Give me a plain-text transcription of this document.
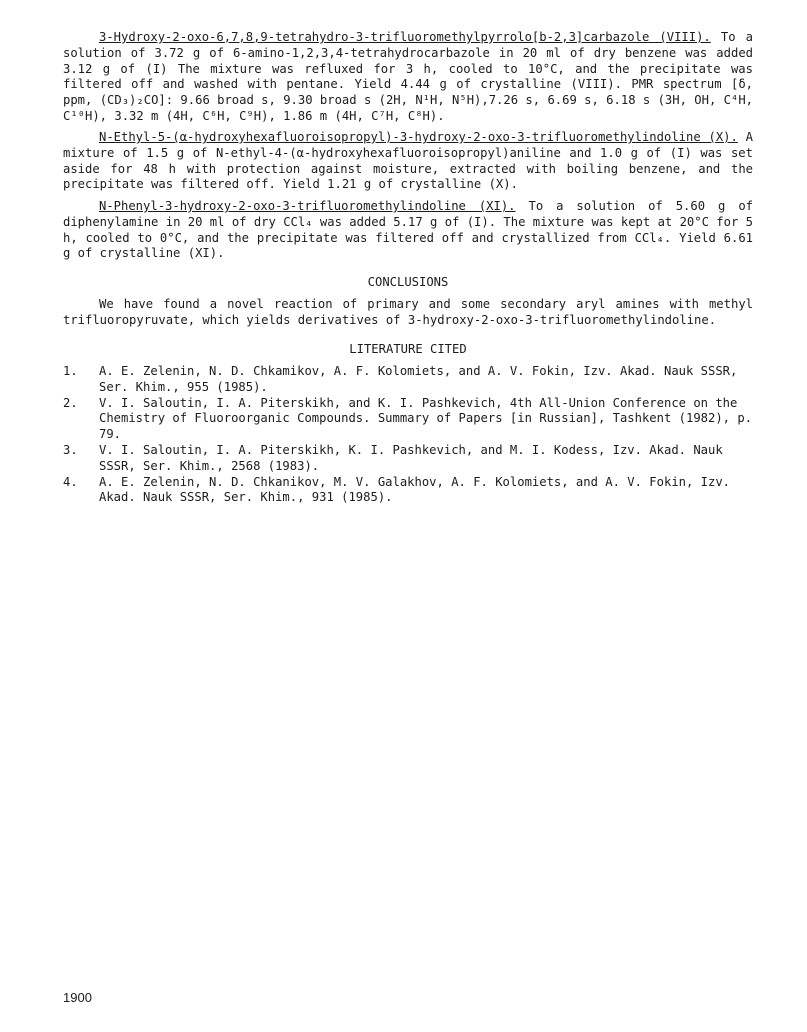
3-Hydroxy-2-oxo-6,7,8,9-tetrahydro-3-trifluoromethylpyrrolo[b-2,3]carbazole (VIII). To a solution of 3.72 g of 6-amino-1,2,3,4-tetrahydrocarbazole in 20 ml of dry benzene was added 3.12 g of (I) The mixture was refluxed for 3 h, cooled to 10°C, and the precipitate was filtered off and washed with pentane. Yield 4.44 g of crystalline (VIII). PMR spectrum [δ, ppm, (CD₃)₂CO]: 9.66 broad s, 9.30 broad s (2H, N¹H, N⁵H),7.26 s, 6.69 s, 6.18 s (3H, OH, C⁴H, C¹⁰H), 3.32 m (4H, C⁶H, C⁹H), 1.86 m (4H, C⁷H, C⁸H).

N-Ethyl-5-(α-hydroxyhexafluoroisopropyl)-3-hydroxy-2-oxo-3-trifluoromethylindoline (X). A mixture of 1.5 g of N-ethyl-4-(α-hydroxyhexafluoroisopropyl)aniline and 1.0 g of (I) was set aside for 48 h with protection against moisture, extracted with boiling benzene, and the precipitate was filtered off. Yield 1.21 g of crystalline (X).

N-Phenyl-3-hydroxy-2-oxo-3-trifluoromethylindoline (XI). To a solution of 5.60 g of diphenylamine in 20 ml of dry CCl₄ was added 5.17 g of (I). The mixture was kept at 20°C for 5 h, cooled to 0°C, and the precipitate was filtered off and crystallized from CCl₄. Yield 6.61 g of crystalline (XI).

CONCLUSIONS

We have found a novel reaction of primary and some secondary aryl amines with methyl trifluoropyruvate, which yields derivatives of 3-hydroxy-2-oxo-3-trifluoromethylindoline.

LITERATURE CITED

1. A. E. Zelenin, N. D. Chkamikov, A. F. Kolomiets, and A. V. Fokin, Izv. Akad. Nauk SSSR, Ser. Khim., 955 (1985).
2. V. I. Saloutin, I. A. Piterskikh, and K. I. Pashkevich, 4th All-Union Conference on the Chemistry of Fluoroorganic Compounds. Summary of Papers [in Russian], Tashkent (1982), p. 79.
3. V. I. Saloutin, I. A. Piterskikh, K. I. Pashkevich, and M. I. Kodess, Izv. Akad. Nauk SSSR, Ser. Khim., 2568 (1983).
4. A. E. Zelenin, N. D. Chkanikov, M. V. Galakhov, A. F. Kolomiets, and A. V. Fokin, Izv. Akad. Nauk SSSR, Ser. Khim., 931 (1985).
1900
